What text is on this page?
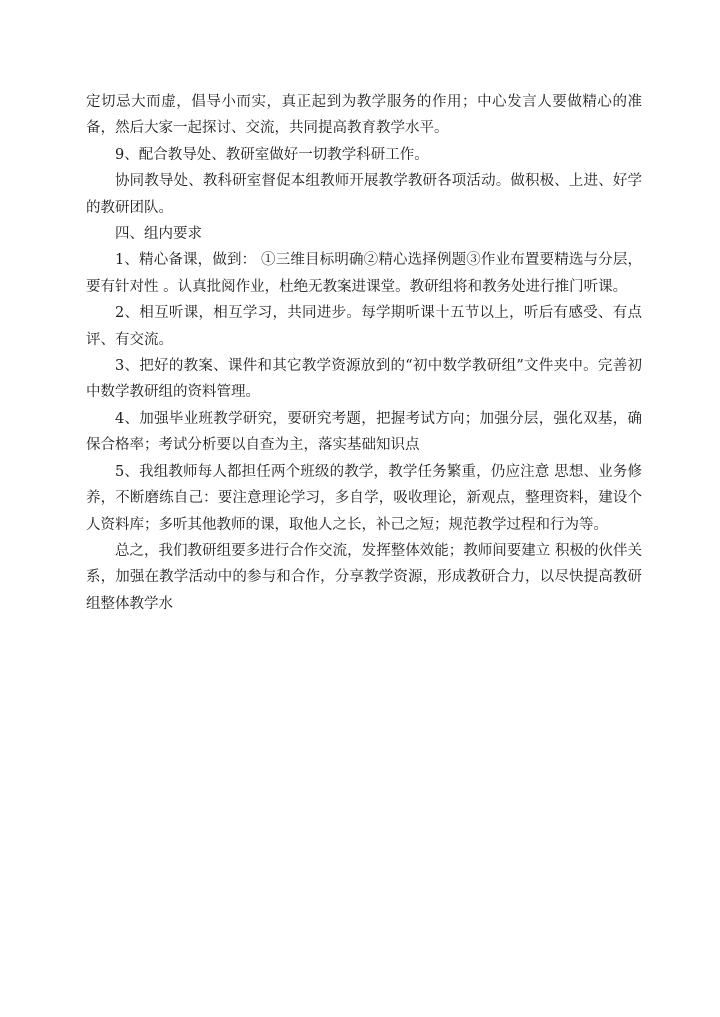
定切忌大而虚，倡导小而实，真正起到为教学服务的作用；中心发言人要做精心的准备，然后大家一起探讨、交流，共同提高教育教学水平。

9、配合教导处、教研室做好一切教学科研工作。

协同教导处、教科研室督促本组教师开展教学教研各项活动。做积极、上进、好学的教研团队。

四、组内要求

1、精心备课，做到： ①三维目标明确②精心选择例题③作业布置要精选与分层，要有针对性 。认真批阅作业，杜绝无教案进课堂。教研组将和教务处进行推门听课。

2、相互听课，相互学习，共同进步。每学期听课十五节以上，听后有感受、有点评、有交流。

3、把好的教案、课件和其它教学资源放到的“初中数学教研组”文件夹中。完善初中数学教研组的资料管理。

4、加强毕业班教学研究，要研究考题，把握考试方向；加强分层，强化双基，确保合格率；考试分析要以自查为主，落实基础知识点

5、我组教师每人都担任两个班级的教学，教学任务繁重，仍应注意 思想、业务修养，不断磨练自己：要注意理论学习，多自学，吸收理论，新观点，整理资料，建设个人资料库；多听其他教师的课，取他人之长，补己之短；规范教学过程和行为等。

总之，我们教研组要多进行合作交流，发挥整体效能；教师间要建立 积极的伙伴关系，加强在教学活动中的参与和合作，分享教学资源，形成教研合力，以尽快提高教研组整体教学水
